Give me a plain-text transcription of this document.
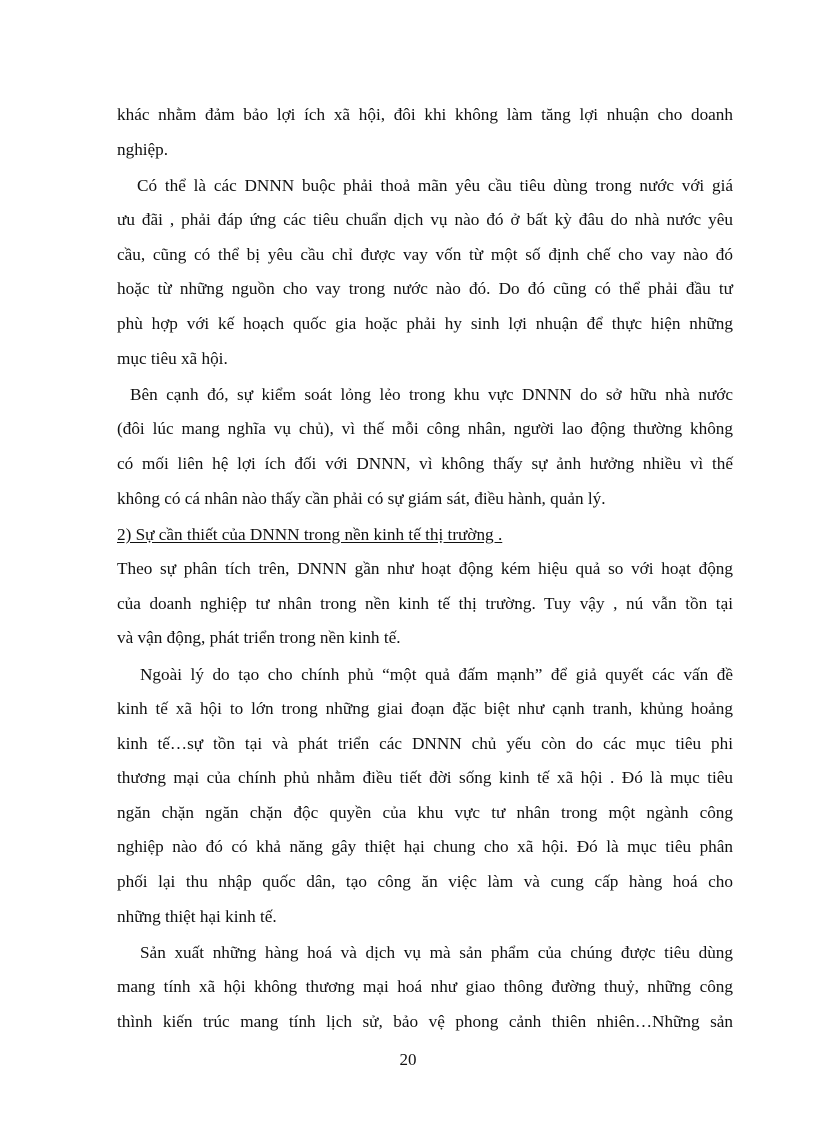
khác nhằm đảm bảo lợi ích xã hội, đôi khi không làm tăng lợi nhuận cho doanh
nghiệp.
Có thể là các DNNN buộc phải thoả mãn yêu cầu tiêu dùng trong nước với giá
ưu đãi , phải đáp ứng các tiêu chuẩn dịch vụ nào đó ở bất kỳ đâu do nhà nước yêu
cầu, cũng có thể bị yêu cầu chỉ được vay vốn từ một số định chế cho vay nào đó
hoặc từ những nguồn cho vay trong nước nào đó. Do đó cũng có thể phải đầu tư
phù hợp với kế hoạch quốc gia hoặc phải hy sinh lợi nhuận để thực hiện những
mục tiêu xã hội.
Bên cạnh đó, sự kiểm soát lỏng lẻo trong khu vực DNNN do sở hữu nhà nước
(đôi lúc mang nghĩa vụ chủ), vì thế mỗi công nhân, người lao động thường không
có mối liên hệ lợi ích đối với DNNN, vì không thấy sự ảnh hưởng nhiều vì thế
không có cá nhân nào thấy cần phải có sự giám sát, điều hành, quản lý.
2) Sự cần thiết của DNNN trong nền kinh tế thị trường .
Theo sự phân tích trên, DNNN gần như hoạt động kém hiệu quả so với hoạt động
của doanh nghiệp tư nhân trong nền kinh tế thị trường. Tuy vậy , nú vẫn tồn tại
và vận động, phát triển trong nền kinh tế.
Ngoài lý do tạo cho chính phủ “một quả đấm mạnh” để giả quyết các vấn đề
kinh tế xã hội to lớn trong những giai đoạn đặc biệt như cạnh tranh, khủng hoảng
kinh tế…sự tồn tại và phát triển các DNNN chủ yếu còn do các mục tiêu phi
thương mại của chính phủ nhằm điều tiết đời sống kinh tế xã hội . Đó là mục tiêu
ngăn chặn ngăn chặn độc quyền của khu vực tư nhân trong một ngành công
nghiệp nào đó có khả năng gây thiệt hại chung cho xã hội. Đó là mục tiêu phân
phối lại thu nhập quốc dân, tạo công ăn việc làm và cung cấp hàng hoá cho
những thiệt hại kinh tế.
Sản xuất những hàng hoá và dịch vụ mà sản phẩm của chúng được tiêu dùng
mang tính xã hội không thương mại hoá như giao thông đường thuỷ, những công
thình kiến trúc mang tính lịch sử, bảo vệ phong cảnh thiên nhiên…Những sản
20
